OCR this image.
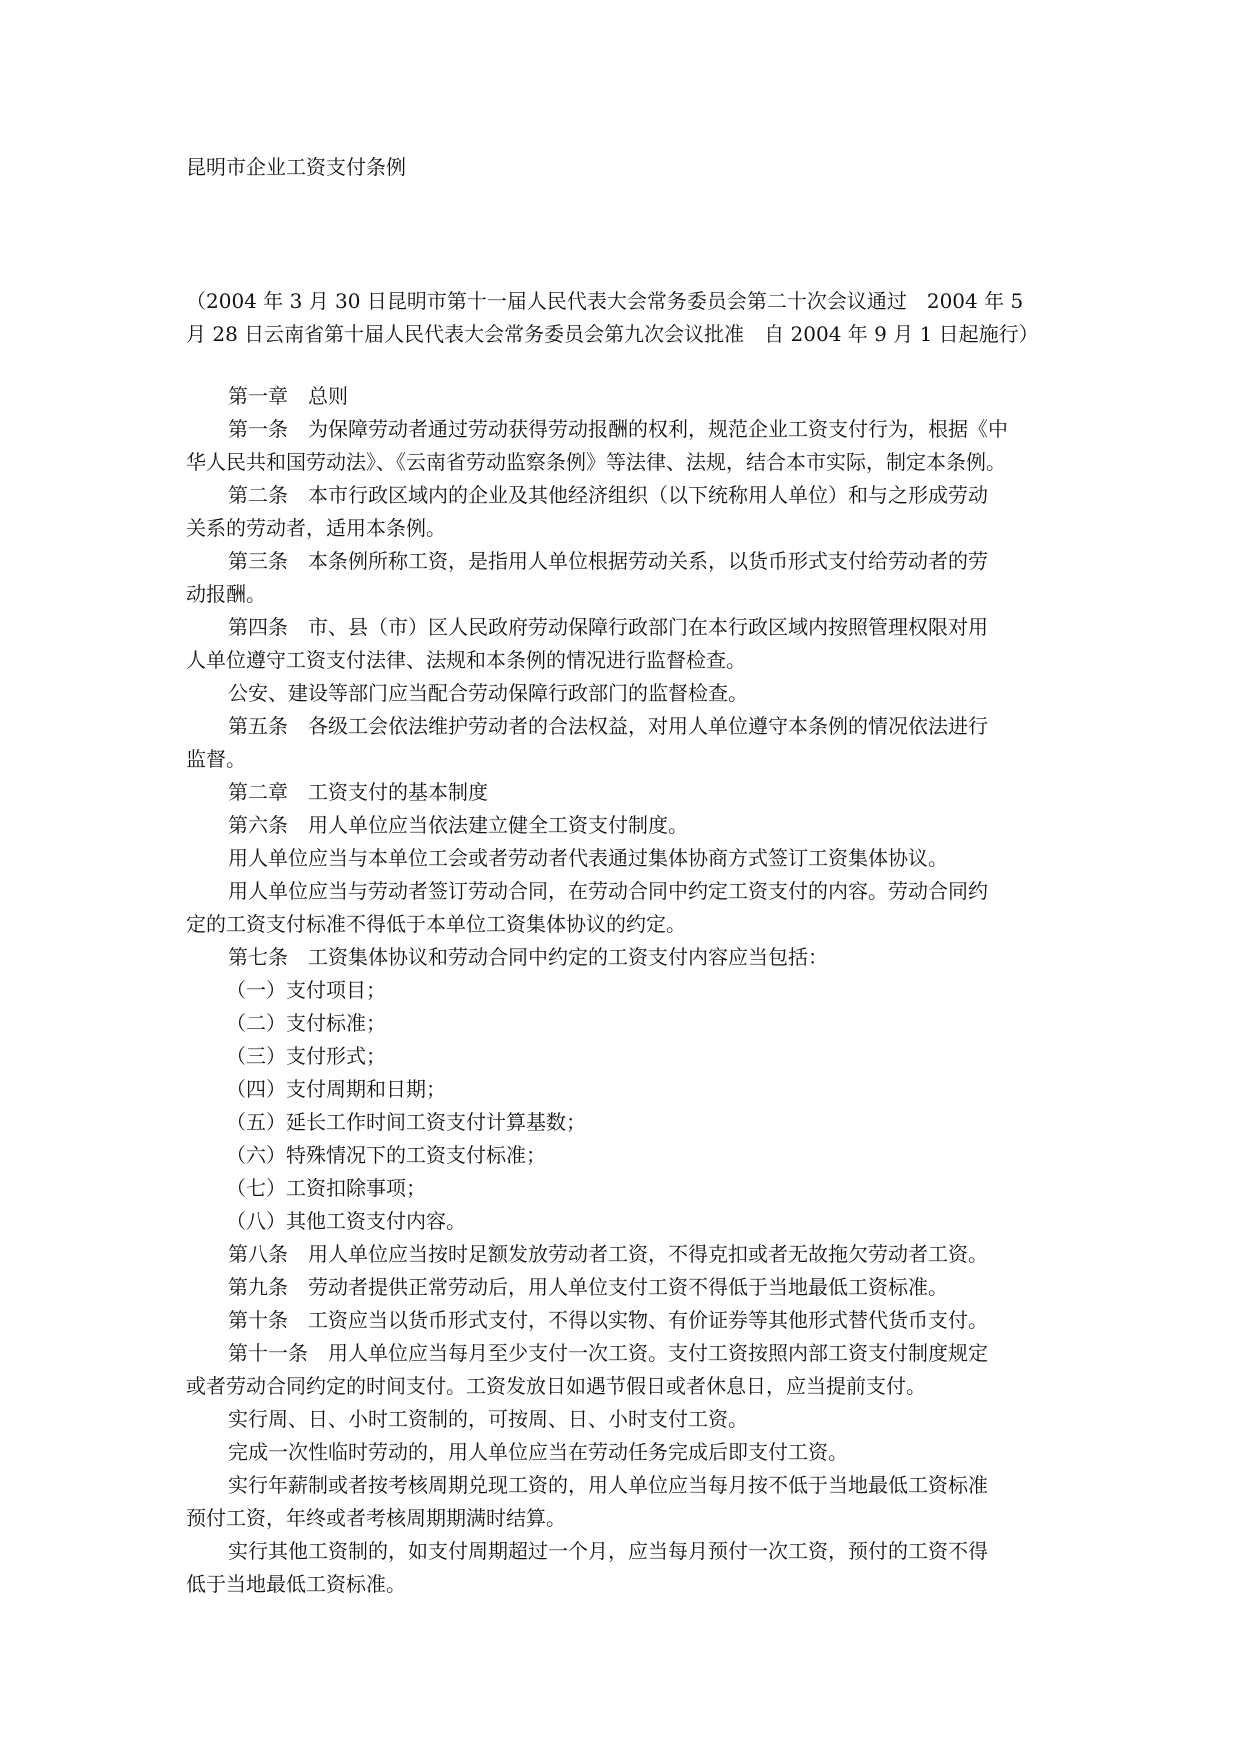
昆明市企业工资支付条例

（2004 年 3 月 30 日昆明市第十一届人民代表大会常务委员会第二十次会议通过　2004 年 5
月 28 日云南省第十届人民代表大会常务委员会第九次会议批准　自 2004 年 9 月 1 日起施行）

第一章　总则
第一条　为保障劳动者通过劳动获得劳动报酬的权利，规范企业工资支付行为，根据《中
华人民共和国劳动法》、《云南省劳动监察条例》等法律、法规，结合本市实际，制定本条例。
第二条　本市行政区域内的企业及其他经济组织（以下统称用人单位）和与之形成劳动
关系的劳动者，适用本条例。
第三条　本条例所称工资，是指用人单位根据劳动关系，以货币形式支付给劳动者的劳
动报酬。
第四条　市、县（市）区人民政府劳动保障行政部门在本行政区域内按照管理权限对用
人单位遵守工资支付法律、法规和本条例的情况进行监督检查。
公安、建设等部门应当配合劳动保障行政部门的监督检查。
第五条　各级工会依法维护劳动者的合法权益，对用人单位遵守本条例的情况依法进行
监督。
第二章　工资支付的基本制度
第六条　用人单位应当依法建立健全工资支付制度。
用人单位应当与本单位工会或者劳动者代表通过集体协商方式签订工资集体协议。
用人单位应当与劳动者签订劳动合同，在劳动合同中约定工资支付的内容。劳动合同约
定的工资支付标准不得低于本单位工资集体协议的约定。
第七条　工资集体协议和劳动合同中约定的工资支付内容应当包括：
（一）支付项目；
（二）支付标准；
（三）支付形式；
（四）支付周期和日期；
（五）延长工作时间工资支付计算基数；
（六）特殊情况下的工资支付标准；
（七）工资扣除事项；
（八）其他工资支付内容。
第八条　用人单位应当按时足额发放劳动者工资，不得克扣或者无故拖欠劳动者工资。
第九条　劳动者提供正常劳动后，用人单位支付工资不得低于当地最低工资标准。
第十条　工资应当以货币形式支付，不得以实物、有价证券等其他形式替代货币支付。
第十一条　用人单位应当每月至少支付一次工资。支付工资按照内部工资支付制度规定
或者劳动合同约定的时间支付。工资发放日如遇节假日或者休息日，应当提前支付。
实行周、日、小时工资制的，可按周、日、小时支付工资。
完成一次性临时劳动的，用人单位应当在劳动任务完成后即支付工资。
实行年薪制或者按考核周期兑现工资的，用人单位应当每月按不低于当地最低工资标准
预付工资，年终或者考核周期期满时结算。
实行其他工资制的，如支付周期超过一个月，应当每月预付一次工资，预付的工资不得
低于当地最低工资标准。
